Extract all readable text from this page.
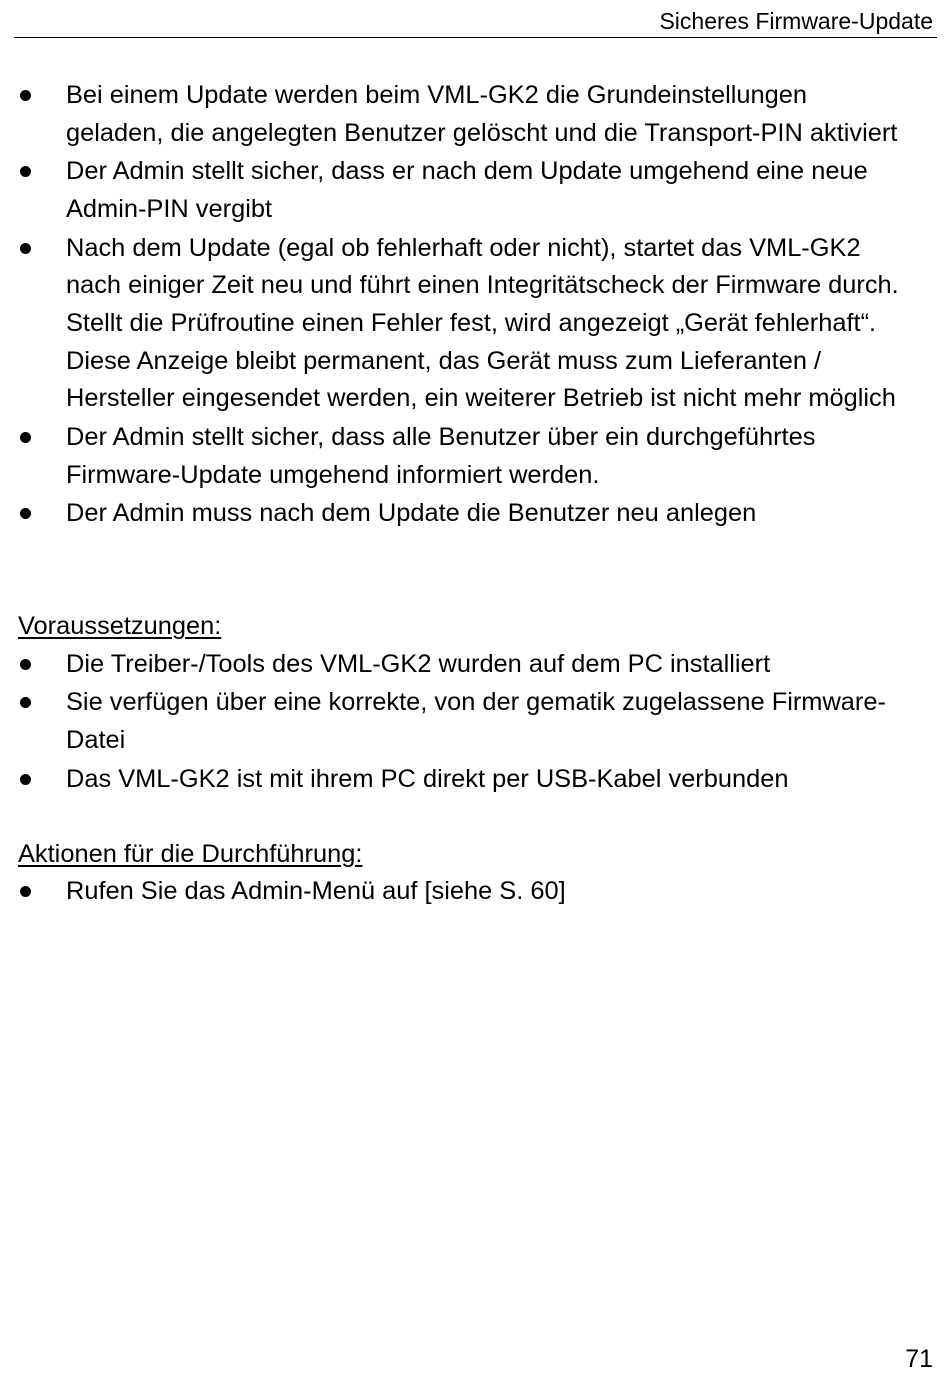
Sicheres Firmware-Update
Bei einem Update werden beim VML-GK2 die Grundeinstellungen geladen, die angelegten Benutzer gelöscht und die Transport-PIN aktiviert
Der Admin stellt sicher, dass er nach dem Update umgehend eine neue Admin-PIN vergibt
Nach dem Update (egal ob fehlerhaft oder nicht), startet das VML-GK2 nach einiger Zeit neu und führt einen Integritätscheck der Firmware durch. Stellt die Prüfroutine einen Fehler fest, wird angezeigt „Gerät fehlerhaft“. Diese Anzeige bleibt permanent, das Gerät muss zum Lieferanten / Hersteller eingesendet werden, ein weiterer Betrieb ist nicht mehr möglich
Der Admin stellt sicher, dass alle Benutzer über ein durchgeführtes Firmware-Update umgehend informiert werden.
Der Admin muss nach dem Update die Benutzer neu anlegen

Voraussetzungen:

Die Treiber-/Tools des VML-GK2 wurden auf dem PC installiert
Sie verfügen über eine korrekte, von der gematik zugelassene Firmware-Datei
Das VML-GK2 ist mit ihrem PC direkt per USB-Kabel verbunden

Aktionen für die Durchführung:

Rufen Sie das Admin-Menü auf [siehe S. 60]
71
